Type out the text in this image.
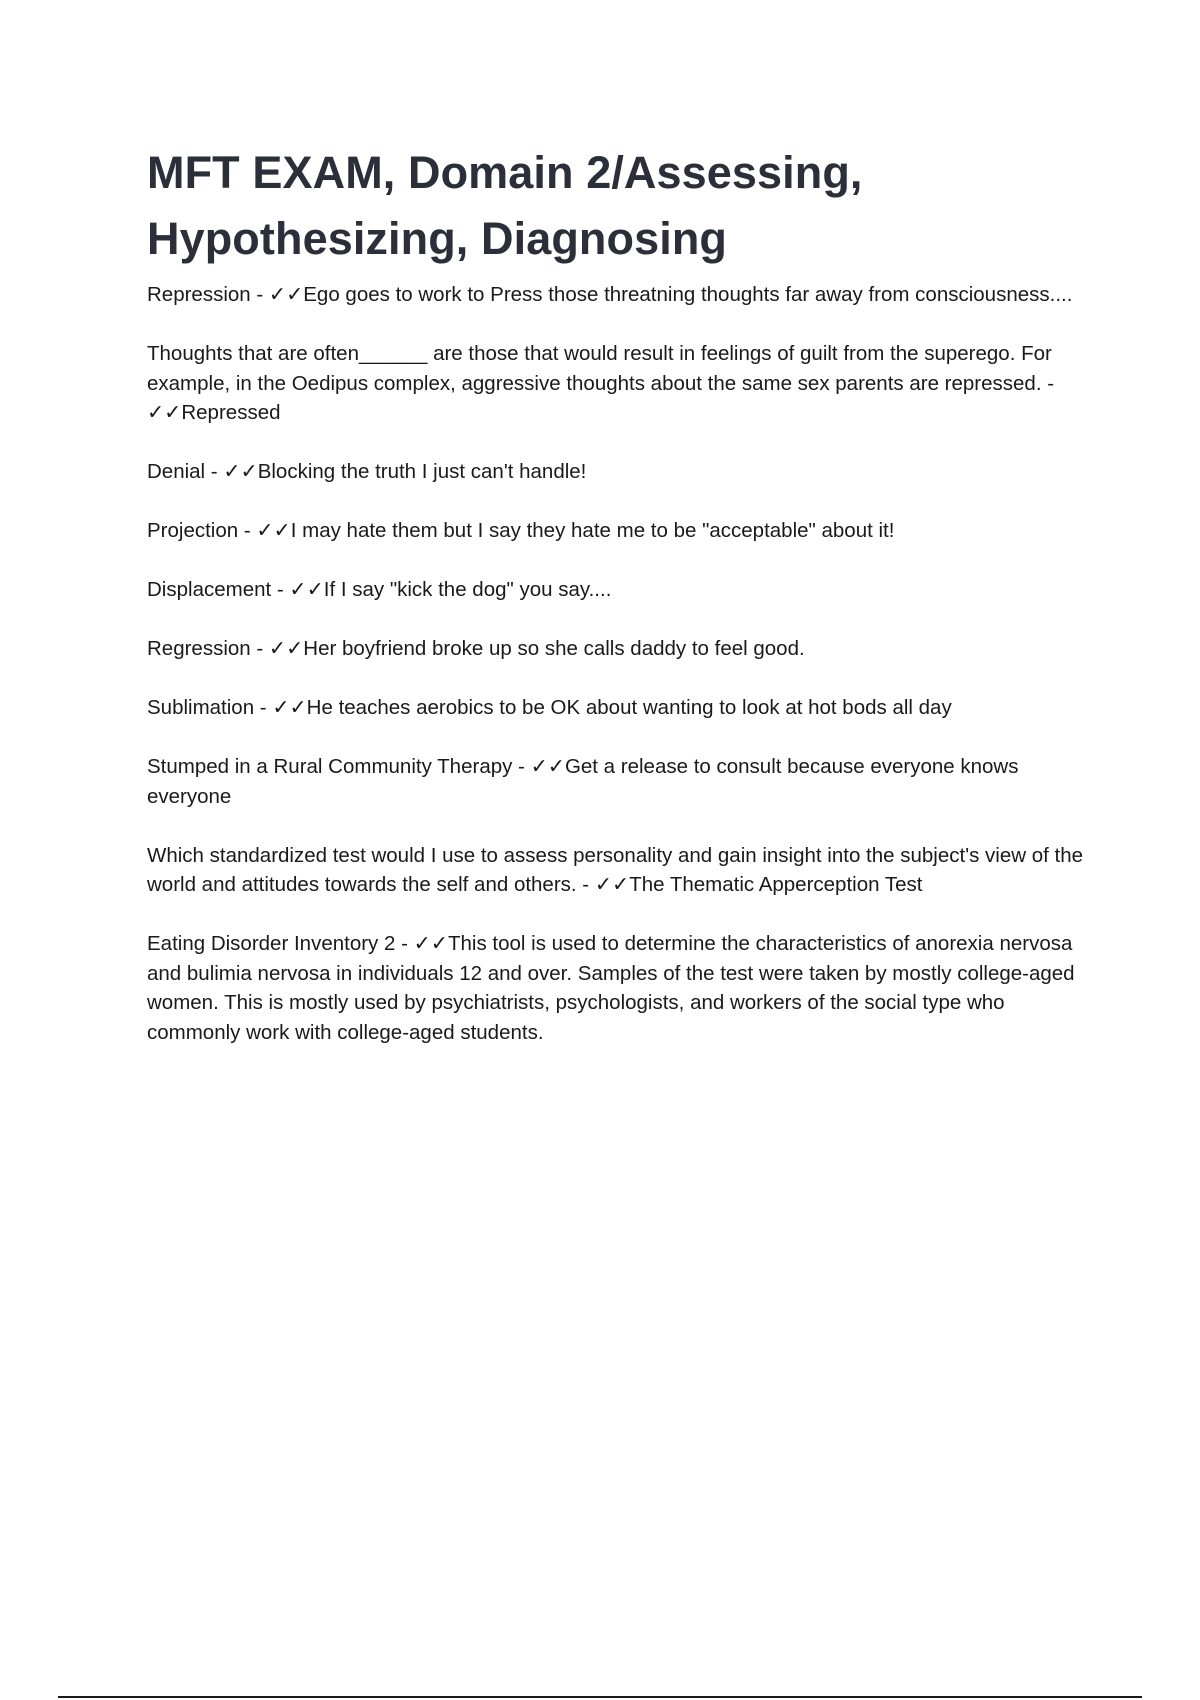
MFT EXAM, Domain 2/Assessing,
Hypothesizing, Diagnosing

Repression - ✓✓Ego goes to work to Press those threatning thoughts far away from consciousness....

Thoughts that are often______ are those that would result in feelings of guilt from the superego. For example, in the Oedipus complex, aggressive thoughts about the same sex parents are repressed. - ✓✓Repressed

Denial - ✓✓Blocking the truth I just can't handle!

Projection - ✓✓I may hate them but I say they hate me to be "acceptable" about it!

Displacement - ✓✓If I say "kick the dog" you say....

Regression - ✓✓Her boyfriend broke up so she calls daddy to feel good.

Sublimation - ✓✓He teaches aerobics to be OK about wanting to look at hot bods all day

Stumped in a Rural Community Therapy - ✓✓Get a release to consult because everyone knows everyone

Which standardized test would I use to assess personality and gain insight into the subject's view of the world and attitudes towards the self and others. - ✓✓The Thematic Apperception Test

Eating Disorder Inventory 2 - ✓✓This tool is used to determine the characteristics of anorexia nervosa and bulimia nervosa in individuals 12 and over. Samples of the test were taken by mostly college-aged women. This is mostly used by psychiatrists, psychologists, and workers of the social type who commonly work with college-aged students.
